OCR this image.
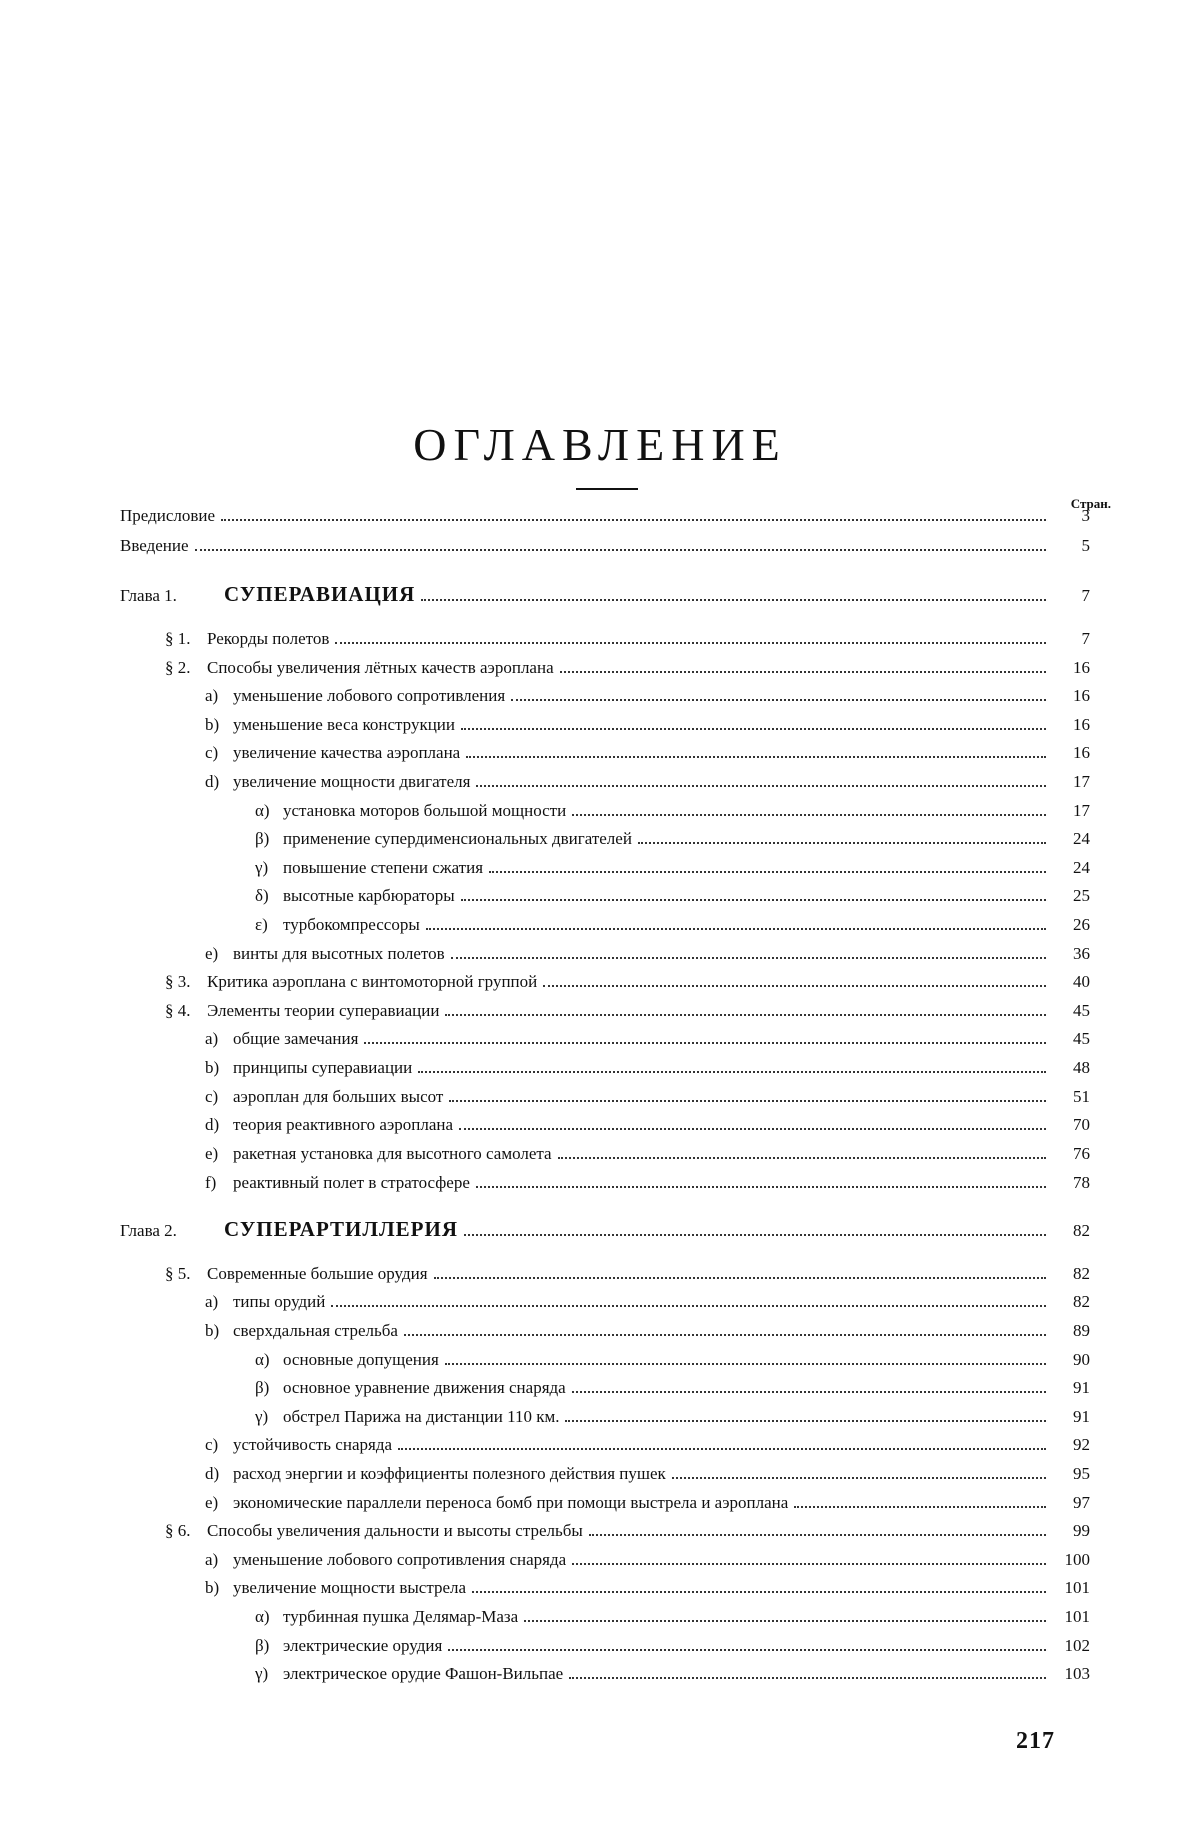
ОГЛАВЛЕНИЕ
Стран.
Предисловие	3
Введение	5
Глава 1. СУПЕРАВИАЦИЯ	7
§ 1. Рекорды полетов	7
§ 2. Способы увеличения лётных качеств аэроплана	16
a) уменьшение лобового сопротивления	16
b) уменьшение веса конструкции	16
c) увеличение качества аэроплана	16
d) увеличение мощности двигателя	17
α) установка моторов большой мощности	17
β) применение супердименсиональных двигателей	24
γ) повышение степени сжатия	24
δ) высотные карбюраторы	25
ε) турбокомпрессоры	26
e) винты для высотных полетов	36
§ 3. Критика аэроплана с винтомоторной группой	40
§ 4. Элементы теории суперавиации	45
a) общие замечания	45
b) принципы суперавиации	48
c) аэроплан для больших высот	51
d) теория реактивного аэроплана	70
e) ракетная установка для высотного самолета	76
f) реактивный полет в стратосфере	78
Глава 2. СУПЕРАРТИЛЛЕРИЯ	82
§ 5. Современные большие орудия	82
a) типы орудий	82
b) сверхдальная стрельба	89
α) основные допущения	90
β) основное уравнение движения снаряда	91
γ) обстрел Парижа на дистанции 110 км.	91
c) устойчивость снаряда	92
d) расход энергии и коэффициенты полезного действия пушек	95
e) экономические параллели переноса бомб при помощи выстрела и аэроплана	97
§ 6. Способы увеличения дальности и высоты стрельбы	99
a) уменьшение лобового сопротивления снаряда	100
b) увеличение мощности выстрела	101
α) турбинная пушка Делямар-Маза	101
β) электрические орудия	102
γ) электрическое орудие Фашон-Вильпае	103
217
